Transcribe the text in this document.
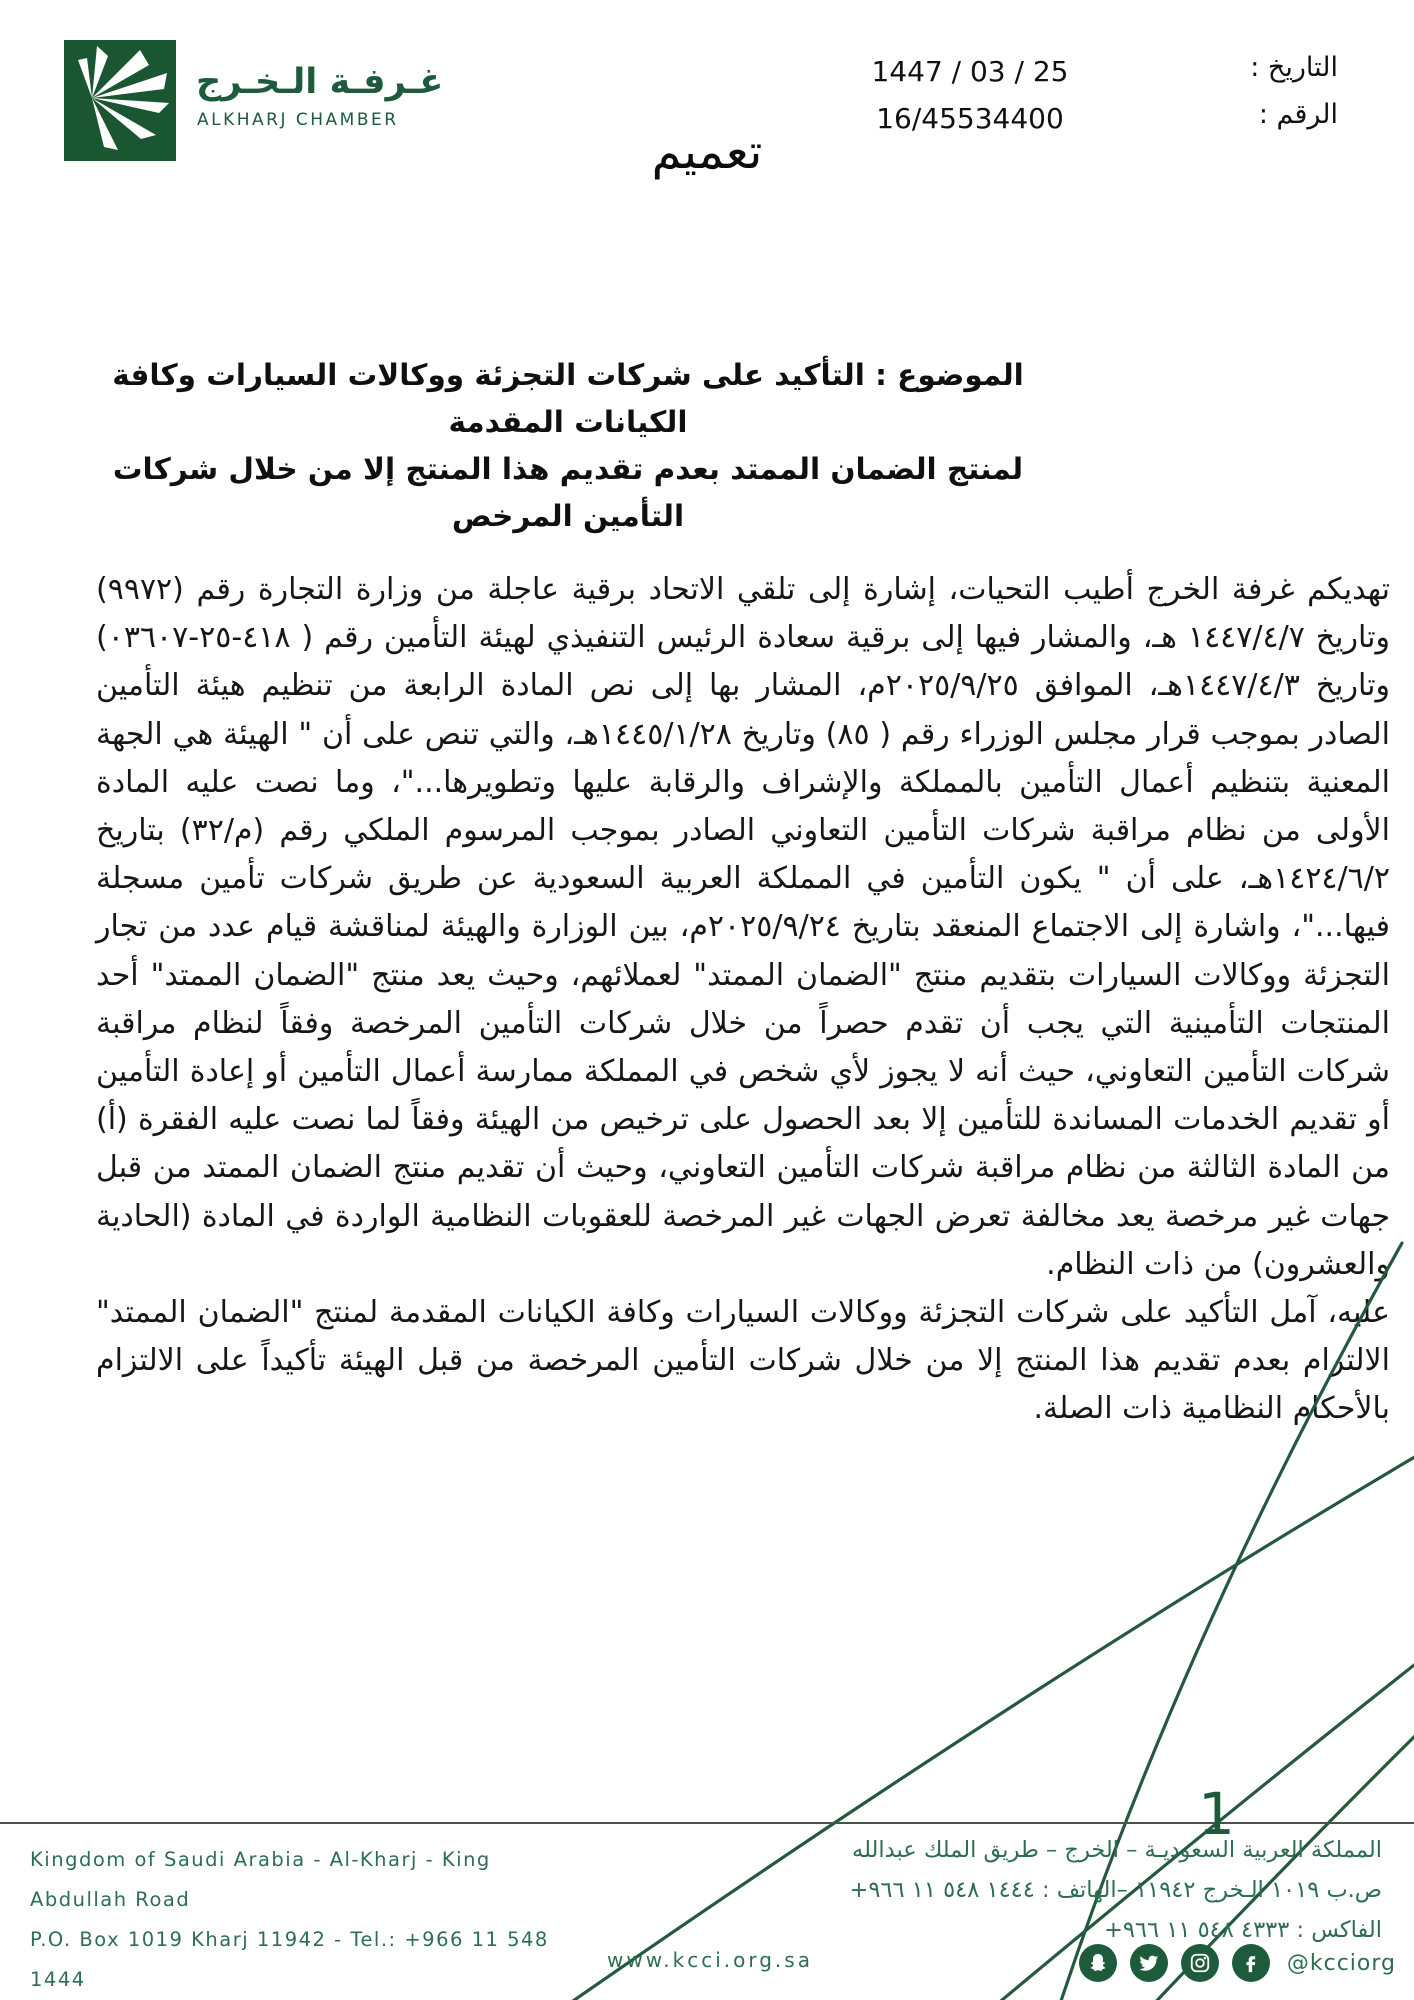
غـرفـة الـخـرج
ALKHARJ CHAMBER
التاريخ :
1447 / 03 / 25
الرقم :
16/45534400
تعميم
الموضوع : التأكيد على شركات التجزئة ووكالات السيارات وكافة الكيانات المقدمة
لمنتج الضمان الممتد بعدم تقديم هذا المنتج إلا من خلال شركات التأمين المرخص

تهديكم غرفة الخرج أطيب التحيات، إشارة إلى تلقي الاتحاد برقية عاجلة من وزارة التجارة رقم (٩٩٧٢) وتاريخ ١٤٤٧/٤/٧ هـ، والمشار فيها إلى برقية سعادة الرئيس التنفيذي لهيئة التأمين رقم ( ٤١٨-٢٥-٠٣٦٠٧) وتاريخ ١٤٤٧/٤/٣هـ، الموافق ٢٠٢٥/٩/٢٥م، المشار بها إلى نص المادة الرابعة من تنظيم هيئة التأمين الصادر بموجب قرار مجلس الوزراء رقم ( ٨٥) وتاريخ ١٤٤٥/١/٢٨هـ، والتي تنص على أن " الهيئة هي الجهة المعنية بتنظيم أعمال التأمين بالمملكة والإشراف والرقابة عليها وتطويرها..."، وما نصت عليه المادة الأولى من نظام مراقبة شركات التأمين التعاوني الصادر بموجب المرسوم الملكي رقم (م/٣٢) بتاريخ ١٤٢٤/٦/٢هـ، على أن " يكون التأمين في المملكة العربية السعودية عن طريق شركات تأمين مسجلة فيها..."، واشارة إلى الاجتماع المنعقد بتاريخ ٢٠٢٥/٩/٢٤م، بين الوزارة والهيئة لمناقشة قيام عدد من تجار التجزئة ووكالات السيارات بتقديم منتج "الضمان الممتد" لعملائهم، وحيث يعد منتج "الضمان الممتد" أحد المنتجات التأمينية التي يجب أن تقدم حصراً من خلال شركات التأمين المرخصة وفقاً لنظام مراقبة شركات التأمين التعاوني، حيث أنه لا يجوز لأي شخص في المملكة ممارسة أعمال التأمين أو إعادة التأمين أو تقديم الخدمات المساندة للتأمين إلا بعد الحصول على ترخيص من الهيئة وفقاً لما نصت عليه الفقرة (أ) من المادة الثالثة من نظام مراقبة شركات التأمين التعاوني، وحيث أن تقديم منتج الضمان الممتد من قبل جهات غير مرخصة يعد مخالفة تعرض الجهات غير المرخصة للعقوبات النظامية الواردة في المادة (الحادية والعشرون) من ذات النظام.

عليه، آمل التأكيد على شركات التجزئة ووكالات السيارات وكافة الكيانات المقدمة لمنتج "الضمان الممتد" الالتزام بعدم تقديم هذا المنتج إلا من خلال شركات التأمين المرخصة من قبل الهيئة تأكيداً على الالتزام بالأحكام النظامية ذات الصلة.

1
Kingdom of Saudi Arabia - Al-Kharj - King Abdullah Road
P.O. Box 1019 Kharj 11942 - Tel.: +966 11 548 1444
www.kcci.org.sa
المملكة العربية السعوديـة – الخرج – طريق الملك عبدالله
ص.ب ١٠١٩ الـخرج ١١٩٤٢ –الهاتف : ١٤٤٤ ٥٤٨ ١١ ٩٦٦+
الفاكس : ٤٣٣٣ ٥٤٨ ١١ ٩٦٦+
@kcciorg
